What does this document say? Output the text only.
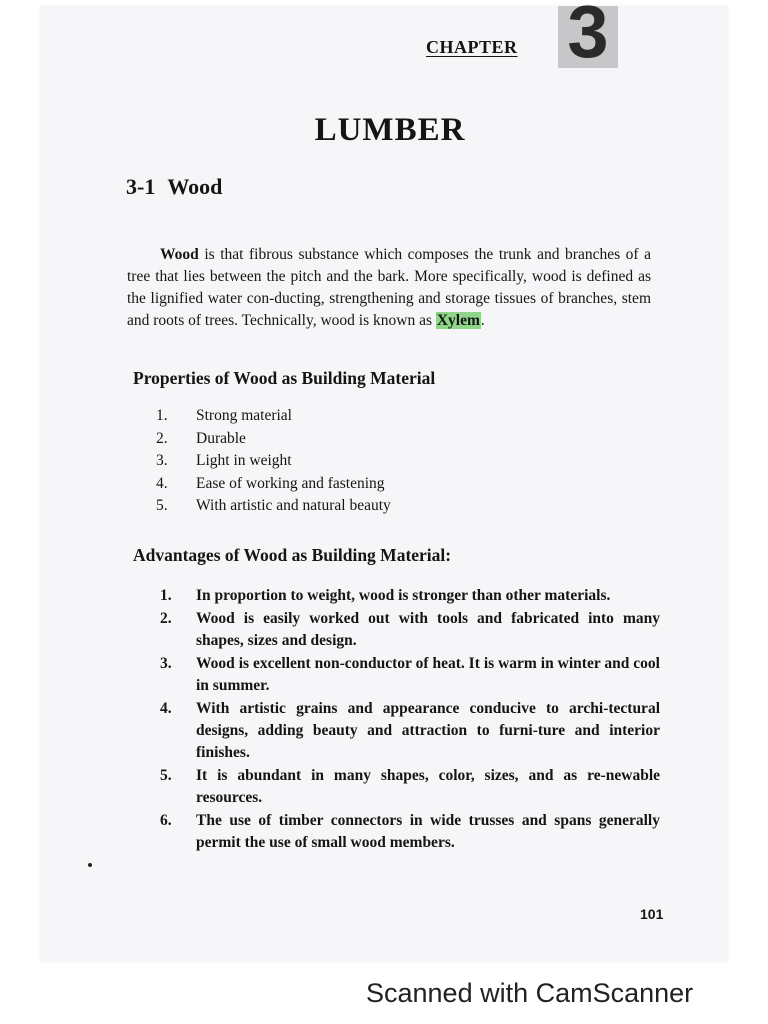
CHAPTER 3
LUMBER
3-1 Wood

Wood is that fibrous substance which composes the trunk and branches of a tree that lies between the pitch and the bark. More specifically, wood is defined as the lignified water con-ducting, strengthening and storage tissues of branches, stem and roots of trees. Technically, wood is known as Xylem.

Properties of Wood as Building Material
1.	Strong material
2.	Durable
3.	Light in weight
4.	Ease of working and fastening
5.	With artistic and natural beauty
Advantages of Wood as Building Material:
1.	In proportion to weight, wood is stronger than other materials.
2.	Wood is easily worked out with tools and fabricated into many shapes, sizes and design.
3.	Wood is excellent non-conductor of heat. It is warm in winter and cool in summer.
4.	With artistic grains and appearance conducive to archi-tectural designs, adding beauty and attraction to furni-ture and interior finishes.
5.	It is abundant in many shapes, color, sizes, and as re-newable resources.
6.	The use of timber connectors in wide trusses and spans generally permit the use of small wood members.
101
Scanned with CamScanner
